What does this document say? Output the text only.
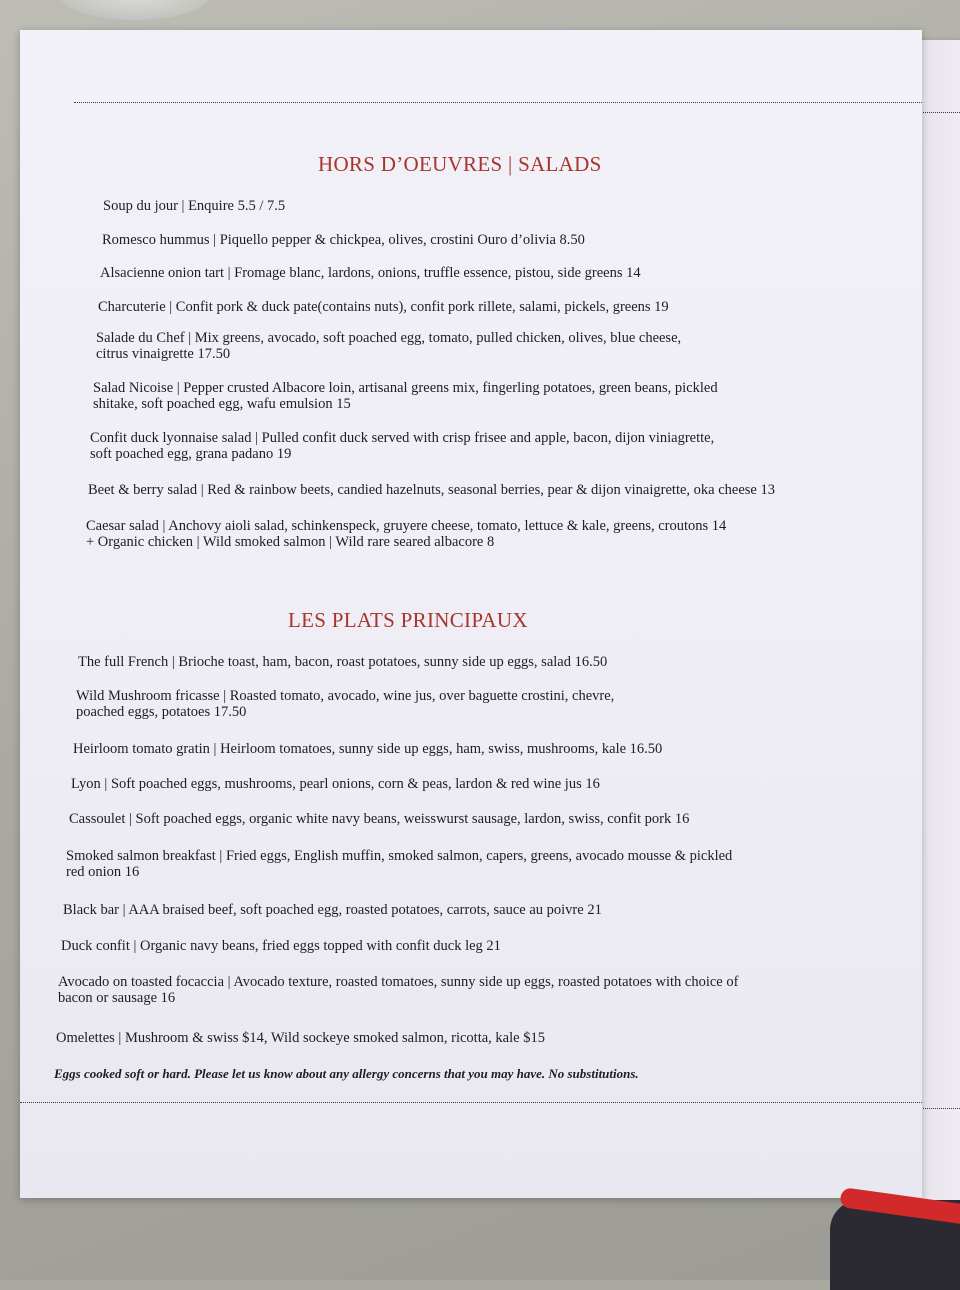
HORS D’OEUVRES | SALADS
Soup du jour | Enquire 5.5 / 7.5
Romesco hummus | Piquello pepper & chickpea, olives, crostini Ouro d’olivia 8.50
Alsacienne onion tart | Fromage blanc, lardons, onions, truffle essence, pistou, side greens 14
Charcuterie | Confit pork & duck pate(contains nuts), confit pork rillete, salami, pickels, greens 19
Salade du Chef | Mix greens, avocado, soft poached egg, tomato, pulled chicken, olives, blue cheese,
citrus vinaigrette 17.50
Salad Nicoise | Pepper crusted Albacore loin, artisanal greens mix, fingerling potatoes, green beans, pickled
shitake, soft poached egg, wafu emulsion 15
Confit duck lyonnaise salad | Pulled confit duck served with crisp frisee and apple, bacon, dijon viniagrette,
soft poached egg, grana padano 19
Beet & berry salad | Red & rainbow beets, candied hazelnuts, seasonal berries, pear & dijon vinaigrette, oka cheese 13
Caesar salad | Anchovy aioli salad, schinkenspeck, gruyere cheese, tomato, lettuce & kale, greens, croutons 14
+ Organic chicken | Wild smoked salmon | Wild rare seared albacore 8
LES PLATS PRINCIPAUX
The full French | Brioche toast, ham, bacon, roast potatoes, sunny side up eggs, salad 16.50
Wild Mushroom fricasse | Roasted tomato, avocado, wine jus, over baguette crostini, chevre,
poached eggs, potatoes 17.50
Heirloom tomato gratin | Heirloom tomatoes, sunny side up eggs, ham, swiss, mushrooms, kale 16.50
Lyon | Soft poached eggs, mushrooms, pearl onions, corn & peas, lardon & red wine jus 16
Cassoulet | Soft poached eggs, organic white navy beans, weisswurst sausage, lardon, swiss, confit pork 16
Smoked salmon breakfast | Fried eggs, English muffin, smoked salmon, capers, greens, avocado mousse & pickled
red onion 16
Black bar | AAA braised beef, soft poached egg, roasted potatoes, carrots, sauce au poivre 21
Duck confit | Organic navy beans, fried eggs topped with confit duck leg 21
Avocado on toasted focaccia | Avocado texture, roasted tomatoes, sunny side up eggs, roasted potatoes with choice of
bacon or sausage 16
Omelettes | Mushroom & swiss $14, Wild sockeye smoked salmon, ricotta, kale $15
Eggs cooked soft or hard. Please let us know about any allergy concerns that you may have. No substitutions.
